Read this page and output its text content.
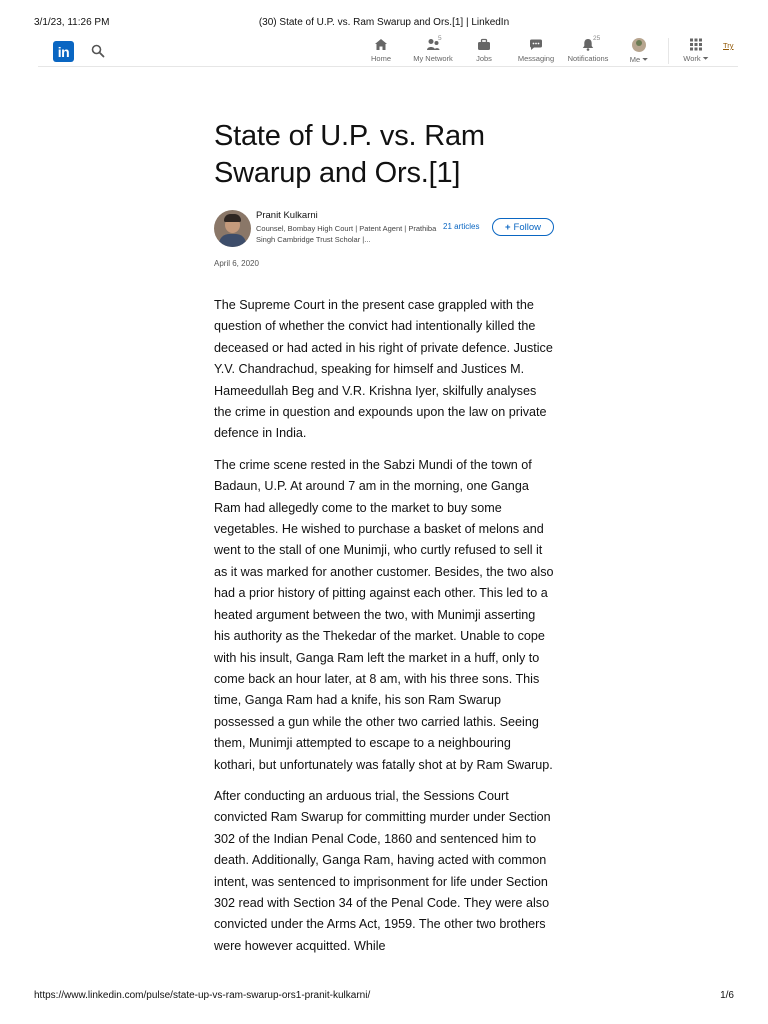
3/1/23, 11:26 PM	(30) State of U.P. vs. Ram Swarup and Ors.[1] | LinkedIn
in	Home
5
My Network	Jobs	Messaging
25
Notifications	Me ⏷	Work ⏷
Try
State of U.P. vs. Ram Swarup and Ors.[1]
Pranit Kulkarni
Counsel, Bombay High Court | Patent Agent | Prathiba Singh Cambridge Trust Scholar |...
21 articles	+ Follow
April 6, 2020

The Supreme Court in the present case grappled with the question of whether the convict had intentionally killed the deceased or had acted in his right of private defence. Justice Y.V. Chandrachud, speaking for himself and Justices M. Hameedullah Beg and V.R. Krishna Iyer, skilfully analyses the crime in question and expounds upon the law on private defence in India.

The crime scene rested in the Sabzi Mundi of the town of Badaun, U.P. At around 7 am in the morning, one Ganga Ram had allegedly come to the market to buy some vegetables. He wished to purchase a basket of melons and went to the stall of one Munimji, who curtly refused to sell it as it was marked for another customer. Besides, the two also had a prior history of pitting against each other. This led to a heated argument between the two, with Munimji asserting his authority as the Thekedar of the market. Unable to cope with his insult, Ganga Ram left the market in a huff, only to come back an hour later, at 8 am, with his three sons. This time, Ganga Ram had a knife, his son Ram Swarup possessed a gun while the other two carried lathis. Seeing them, Munimji attempted to escape to a neighbouring kothari, but unfortunately was fatally shot at by Ram Swarup.

After conducting an arduous trial, the Sessions Court convicted Ram Swarup for committing murder under Section 302 of the Indian Penal Code, 1860 and sentenced him to death. Additionally, Ganga Ram, having acted with common intent, was sentenced to imprisonment for life under Section 302 read with Section 34 of the Penal Code. They were also convicted under the Arms Act, 1959. The other two brothers were however acquitted. While

https://www.linkedin.com/pulse/state-up-vs-ram-swarup-ors1-pranit-kulkarni/	1/6
